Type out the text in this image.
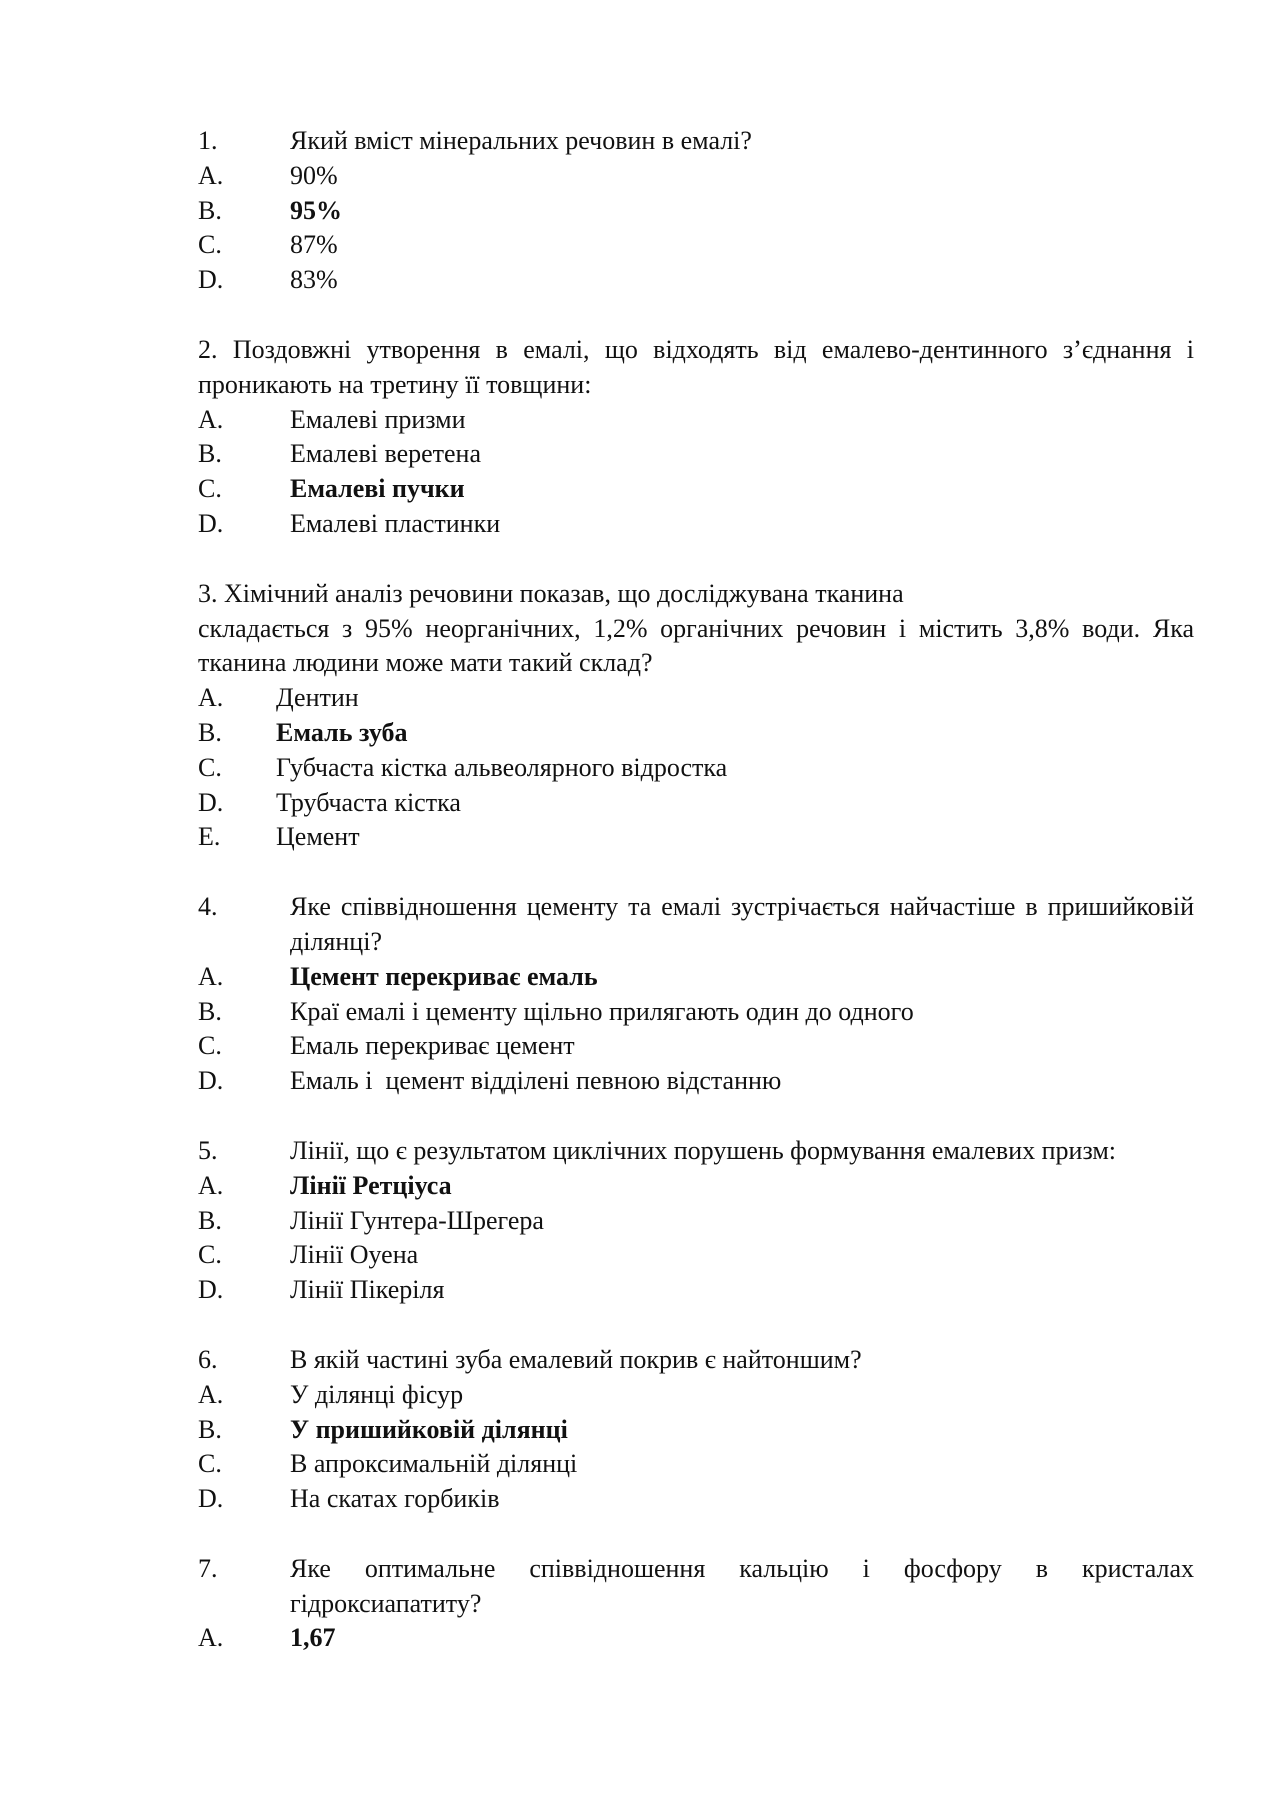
1.	Який вміст мінеральних речовин в емалі?
A.	90%
B.	95%
C.	87%
D.	83%
2. Поздовжні утворення в емалі, що відходять від емалево-дентинного з’єднання і проникають на третину її товщини:
A.	Емалеві призми
B.	Емалеві веретена
C.	Емалеві пучки
D.	Емалеві пластинки
3. Хімічний аналіз речовини показав, що досліджувана тканина
складається з 95% неорганічних, 1,2% органічних речовин і містить 3,8% води. Яка тканина людини може мати такий склад?
A.	Дентин
B.	Емаль зуба
C.	Губчаста кістка альвеолярного відростка
D.	Трубчаста кістка
E.	Цемент
4.	Яке співвідношення цементу та емалі зустрічається найчастіше в пришийковій ділянці?
A.	Цемент перекриває емаль
B.	Краї емалі і цементу щільно прилягають один до одного
C.	Емаль перекриває цемент
D.	Емаль і  цемент відділені певною відстанню
5.	Лінії, що є результатом циклічних порушень формування емалевих призм:
A.	Лінії Ретціуса
B.	Лінії Гунтера-Шрегера
C.	Лінії Оуена
D.	Лінії Пікеріля
6.	В якій частині зуба емалевий покрив є найтоншим?
A.	У ділянці фісур
B.	У пришийковій ділянці
C.	В апроксимальній ділянці
D.	На скатах горбиків
7.	Яке оптимальне співвідношення кальцію і фосфору в кристалах гідроксиапатиту?
A.	1,67
